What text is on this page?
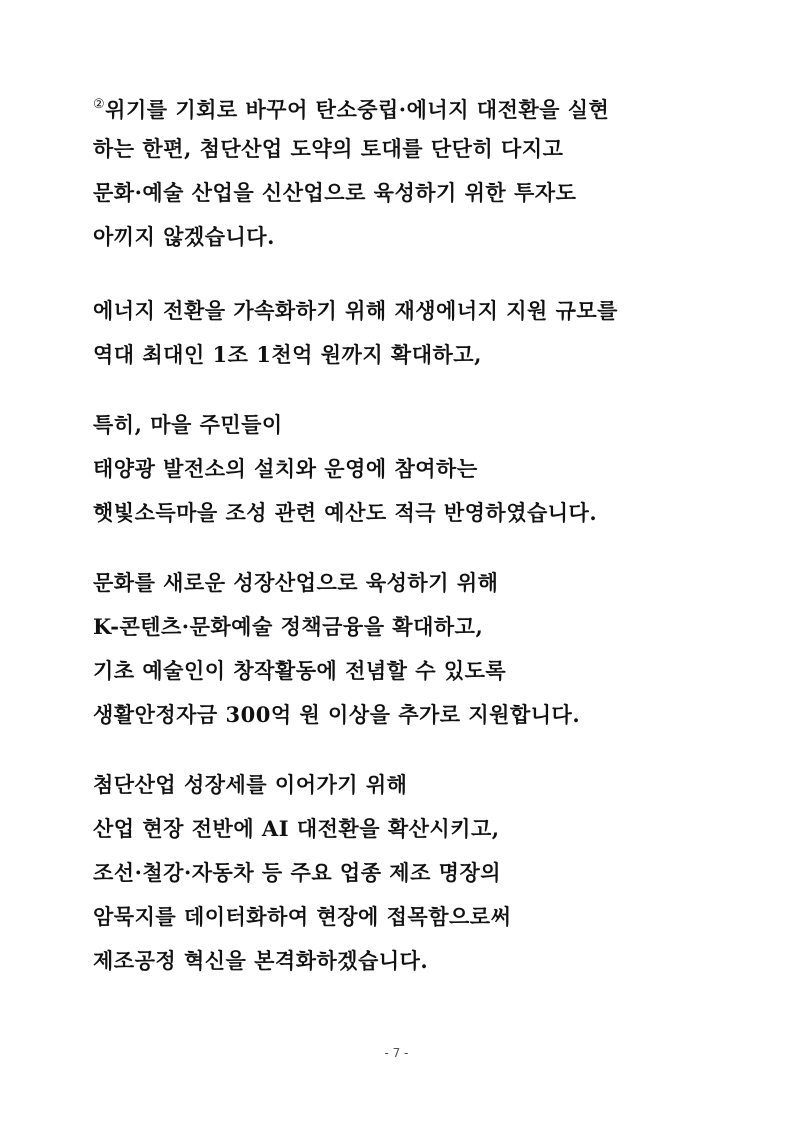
②위기를 기회로 바꾸어 탄소중립·에너지 대전환을 실현
하는 한편, 첨단산업 도약의 토대를 단단히 다지고
문화·예술 산업을 신산업으로 육성하기 위한 투자도
아끼지 않겠습니다.
에너지 전환을 가속화하기 위해 재생에너지 지원 규모를
역대 최대인 1조 1천억 원까지 확대하고,
특히, 마을 주민들이
태양광 발전소의 설치와 운영에 참여하는
햇빛소득마을 조성 관련 예산도 적극 반영하였습니다.
문화를 새로운 성장산업으로 육성하기 위해
K-콘텐츠·문화예술 정책금융을 확대하고,
기초 예술인이 창작활동에 전념할 수 있도록
생활안정자금 300억 원 이상을 추가로 지원합니다.
첨단산업 성장세를 이어가기 위해
산업 현장 전반에 AI 대전환을 확산시키고,
조선·철강·자동차 등 주요 업종 제조 명장의
암묵지를 데이터화하여 현장에 접목함으로써
제조공정 혁신을 본격화하겠습니다.
- 7 -
